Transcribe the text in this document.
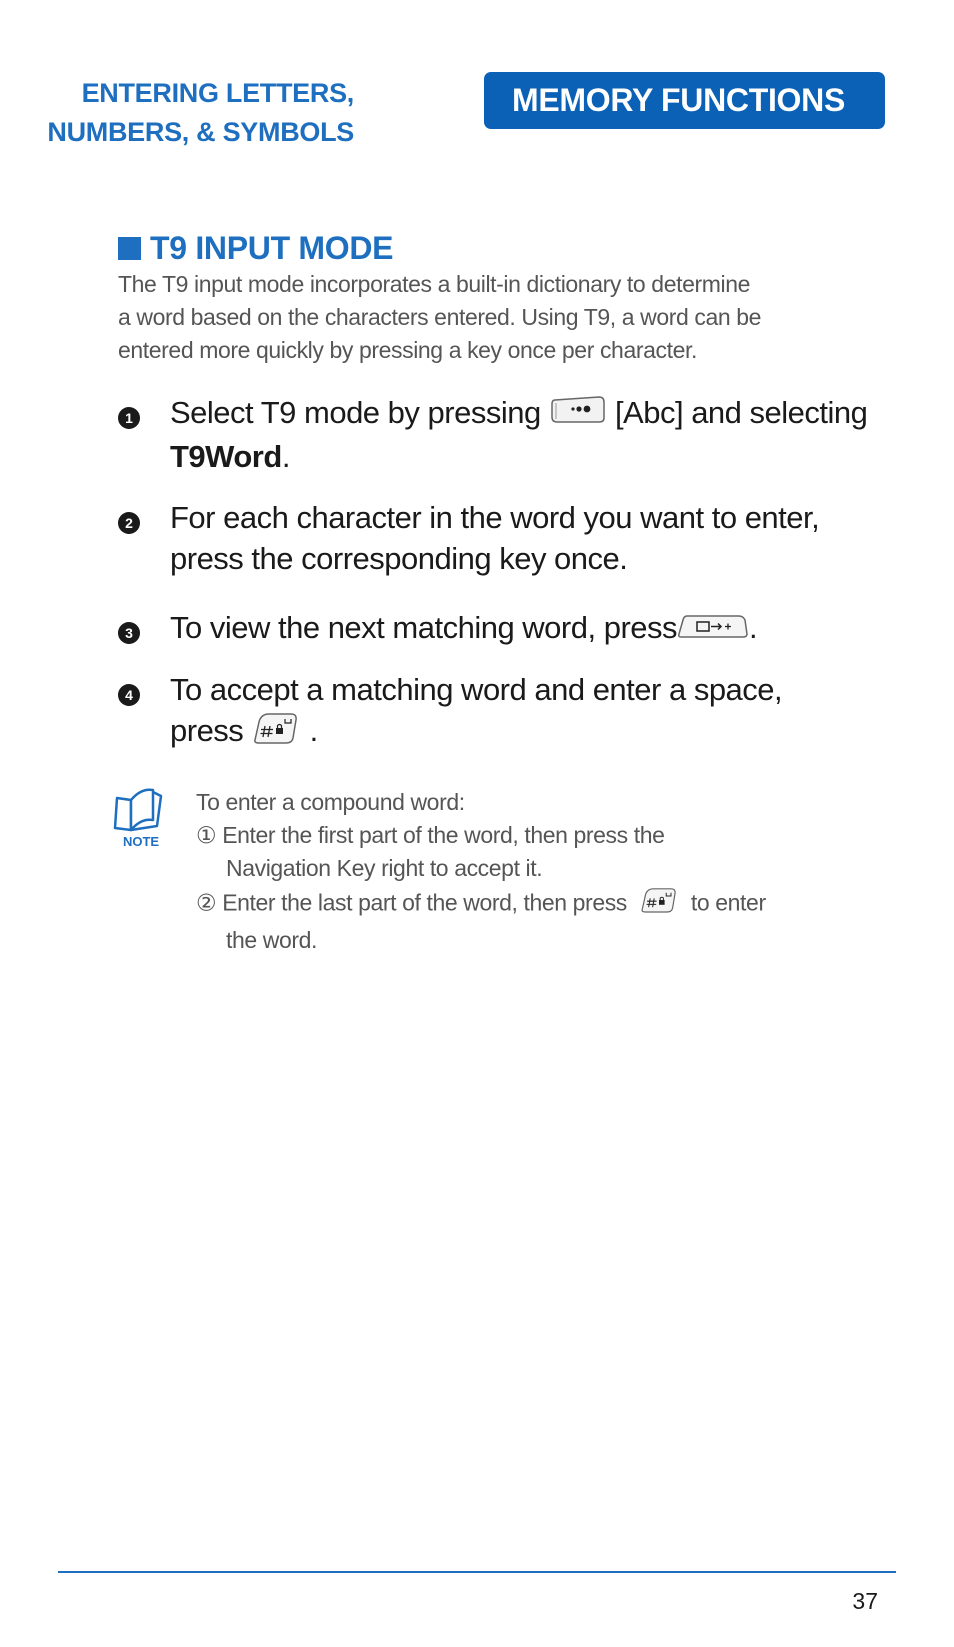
ENTERING LETTERS,
NUMBERS, & SYMBOLS
MEMORY FUNCTIONS
T9 INPUT MODE

The T9 input mode incorporates a built-in dictionary to determine

a word based on the characters entered. Using T9, a word can be

entered more quickly by pressing a key once per character.

1 Select T9 mode by pressing [Abc] and selecting
T9Word.
2 For each character in the word you want to enter,
press the corresponding key once.
3 To view the next matching word, press .
4 To accept a matching word and enter a space,
press .
NOTE
To enter a compound word:
① Enter the first part of the word, then press the
Navigation Key right to accept it.
② Enter the last part of the word, then press	to enter
the word.
37
